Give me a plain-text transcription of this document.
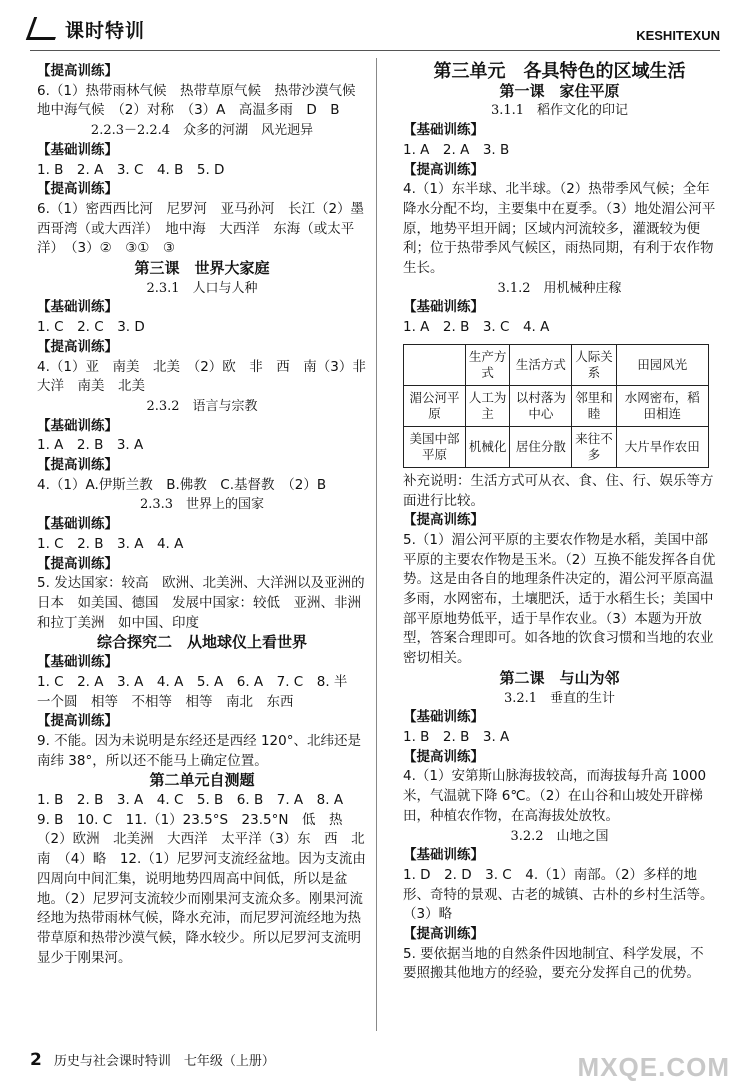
课时特训	KESHITEXUN

【提高训练】

6.（1）热带雨林气候　热带草原气候　热带沙漠气候　地中海气候　（2）对称　（3）A　高温多雨　D　B

2.2.3－2.2.4　众多的河湖　风光迥异

【基础训练】

1. B　2. A　3. C　4. B　5. D

【提高训练】

6.（1）密西西比河　尼罗河　亚马孙河　长江（2）墨西哥湾（或大西洋）　地中海　大西洋　东海（或太平洋）　（3）②　③①　③

第三课　世界大家庭

2.3.1　人口与人种

【基础训练】

1. C　2. C　3. D

【提高训练】

4.（1）亚　南美　北美　（2）欧　非　西　南（3）非　大洋　南美　北美

2.3.2　语言与宗教

【基础训练】

1. A　2. B　3. A

【提高训练】

4.（1）A.伊斯兰教　B.佛教　C.基督教　（2）B

2.3.3　世界上的国家

【基础训练】

1. C　2. B　3. A　4. A

【提高训练】

5. 发达国家：较高　欧洲、北美洲、大洋洲以及亚洲的日本　如美国、德国　发展中国家：较低　亚洲、非洲和拉丁美洲　如中国、印度

综合探究二　从地球仪上看世界

【基础训练】

1. C　2. A　3. A　4. A　5. A　6. A　7. C　8. 半　一个圆　相等　不相等　相等　南北　东西

【提高训练】

9. 不能。因为未说明是东经还是西经 120°、北纬还是南纬 38°，所以还不能马上确定位置。

第二单元自测题

1. B　2. B　3. A　4. C　5. B　6. B　7. A　8. A　9. B　10. C　11.（1）23.5°S　23.5°N　低　热　（2）欧洲　北美洲　大西洋　太平洋（3）东　西　北　南　（4）略　12.（1）尼罗河支流经盆地。因为支流由四周向中间汇集，说明地势四周高中间低，所以是盆地。（2）尼罗河支流较少而刚果河支流众多。刚果河流经地为热带雨林气候，降水充沛，而尼罗河流经地为热带草原和热带沙漠气候，降水较少。所以尼罗河支流明显少于刚果河。

第三单元　各具特色的区域生活

第一课　家住平原

3.1.1　稻作文化的印记

【基础训练】

1. A　2. A　3. B

【提高训练】

4.（1）东半球、北半球。（2）热带季风气候；全年降水分配不均，主要集中在夏季。（3）地处湄公河平原，地势平坦开阔；区域内河流较多，灌溉较为便利；位于热带季风气候区，雨热同期，有利于农作物生长。

3.1.2　用机械种庄稼

【基础训练】

1. A　2. B　3. C　4. A

	生产方式	生活方式	人际关系	田园风光
湄公河平原	人工为主	以村落为中心	邻里和睦	水网密布，稻田相连
美国中部平原	机械化	居住分散	来往不多	大片旱作农田

补充说明：生活方式可从衣、食、住、行、娱乐等方面进行比较。

【提高训练】

5.（1）湄公河平原的主要农作物是水稻，美国中部平原的主要农作物是玉米。（2）互换不能发挥各自优势。这是由各自的地理条件决定的，湄公河平原高温多雨，水网密布，土壤肥沃，适于水稻生长；美国中部平原地势低平，适于旱作农业。（3）本题为开放型，答案合理即可。如各地的饮食习惯和当地的农业密切相关。

第二课　与山为邻

3.2.1　垂直的生计

【基础训练】

1. B　2. B　3. A

【提高训练】

4.（1）安第斯山脉海拔较高，而海拔每升高 1000 米，气温就下降 6℃。（2）在山谷和山坡处开辟梯田，种植农作物，在高海拔处放牧。

3.2.2　山地之国

【基础训练】

1. D　2. D　3. C　4.（1）南部。（2）多样的地形、奇特的景观、古老的城镇、古朴的乡村生活等。（3）略

【提高训练】

5. 要依据当地的自然条件因地制宜、科学发展，不要照搬其他地方的经验，要充分发挥自己的优势。

2 历史与社会课时特训　七年级（上册）	MXQE.COM
